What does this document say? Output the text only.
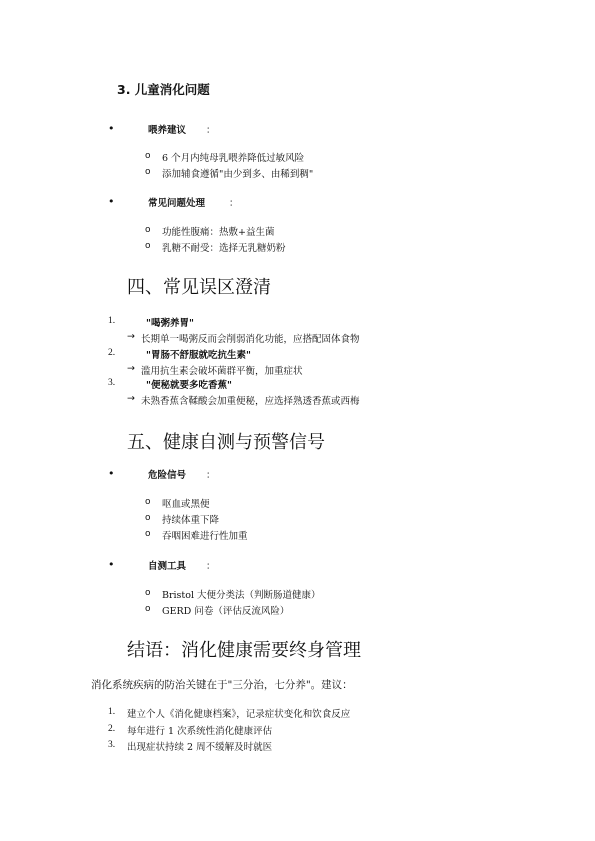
3. 儿童消化问题
•	喂养建议 ：
o 6 个月内纯母乳喂养降低过敏风险
o 添加辅食遵循"由少到多、由稀到稠"
•	常见问题处理	：
o 功能性腹痛：热敷+益生菌
o 乳糖不耐受：选择无乳糖奶粉
四、常见误区澄清
1.	"喝粥养胃"
→ 长期单一喝粥反而会削弱消化功能，应搭配固体食物
2.	"胃肠不舒服就吃抗生素"
→ 滥用抗生素会破坏菌群平衡，加重症状
3.	"便秘就要多吃香蕉"
→ 未熟香蕉含鞣酸会加重便秘，应选择熟透香蕉或西梅
五、健康自测与预警信号
•	危险信号 ：
o 呕血或黑便
o 持续体重下降
o 吞咽困难进行性加重
•	自测工具 ：
o Bristol 大便分类法（判断肠道健康）
o GERD 问卷（评估反流风险）
结语：消化健康需要终身管理
消化系统疾病的防治关键在于"三分治，七分养"。建议：
1. 建立个人《消化健康档案》，记录症状变化和饮食反应
2. 每年进行 1 次系统性消化健康评估
3. 出现症状持续 2 周不缓解及时就医
